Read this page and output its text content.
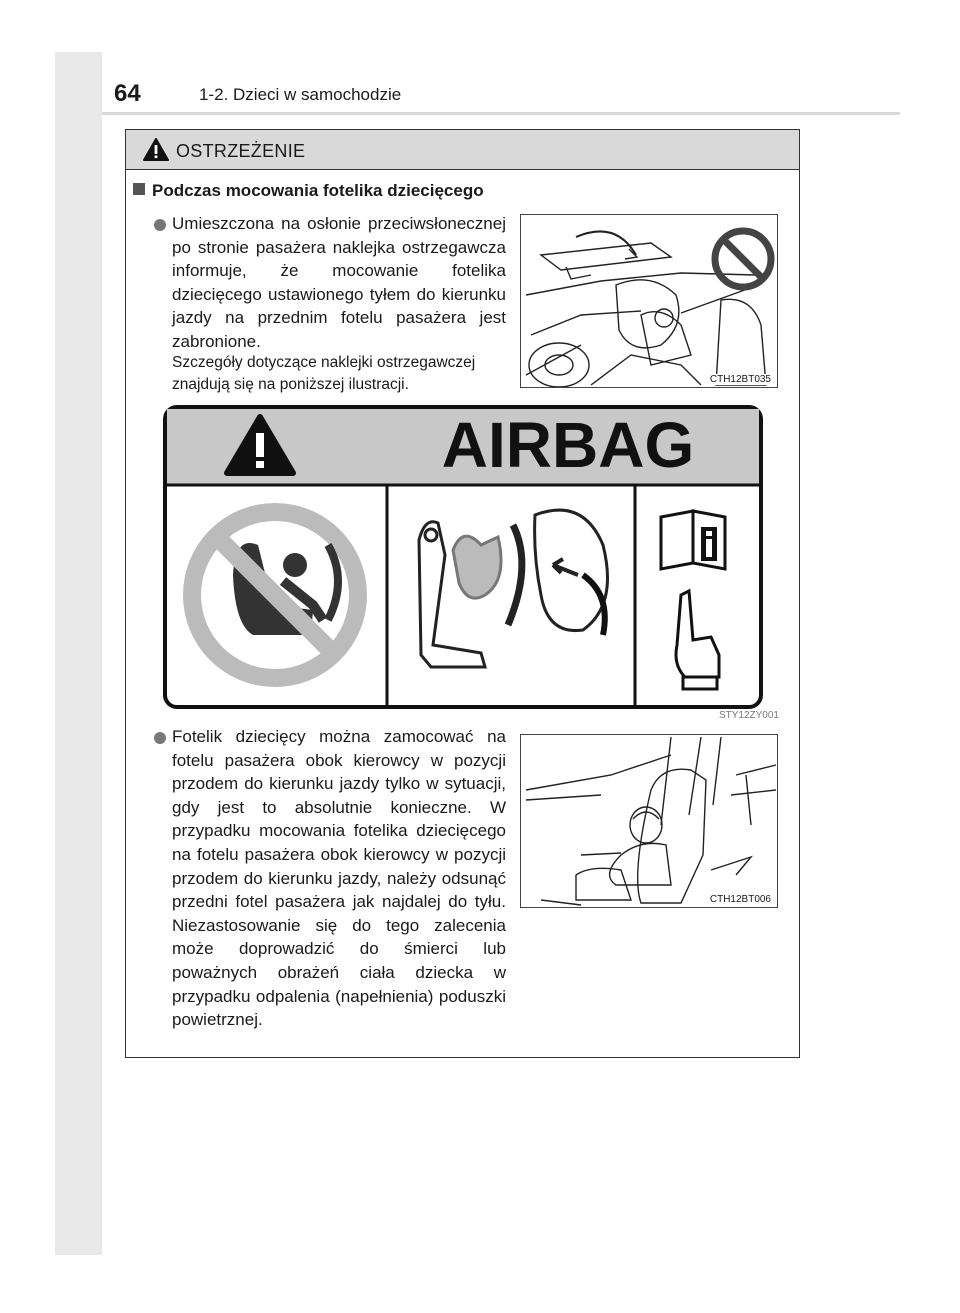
64	1-2. Dzieci w samochodzie
OSTRZEŻENIE
Podczas mocowania fotelika dziecięcego
Umieszczona na osłonie przeciwsłonecznej po stronie pasażera naklejka ostrzegawcza informuje, że mocowanie fotelika dziecięcego ustawionego tyłem do kierunku jazdy na przednim fotelu pasażera jest zabronione.
Szczegóły dotyczące naklejki ostrzegawczej znajdują się na poniższej ilustracji.	CTH12BT035
AIRBAG
STY12ZY001
Fotelik dziecięcy można zamocować na fotelu pasażera obok kierowcy w pozycji przodem do kierunku jazdy tylko w sytuacji, gdy jest to absolutnie konieczne. W przypadku mocowania fotelika dziecięcego na fotelu pasażera obok kierowcy w pozycji przodem do kierunku jazdy, należy odsunąć przedni fotel pasażera jak najdalej do tyłu. Niezastosowanie się do tego zalecenia może doprowadzić do śmierci lub poważnych obrażeń ciała dziecka w przypadku odpalenia (napełnienia) poduszki powietrznej.
CTH12BT006
